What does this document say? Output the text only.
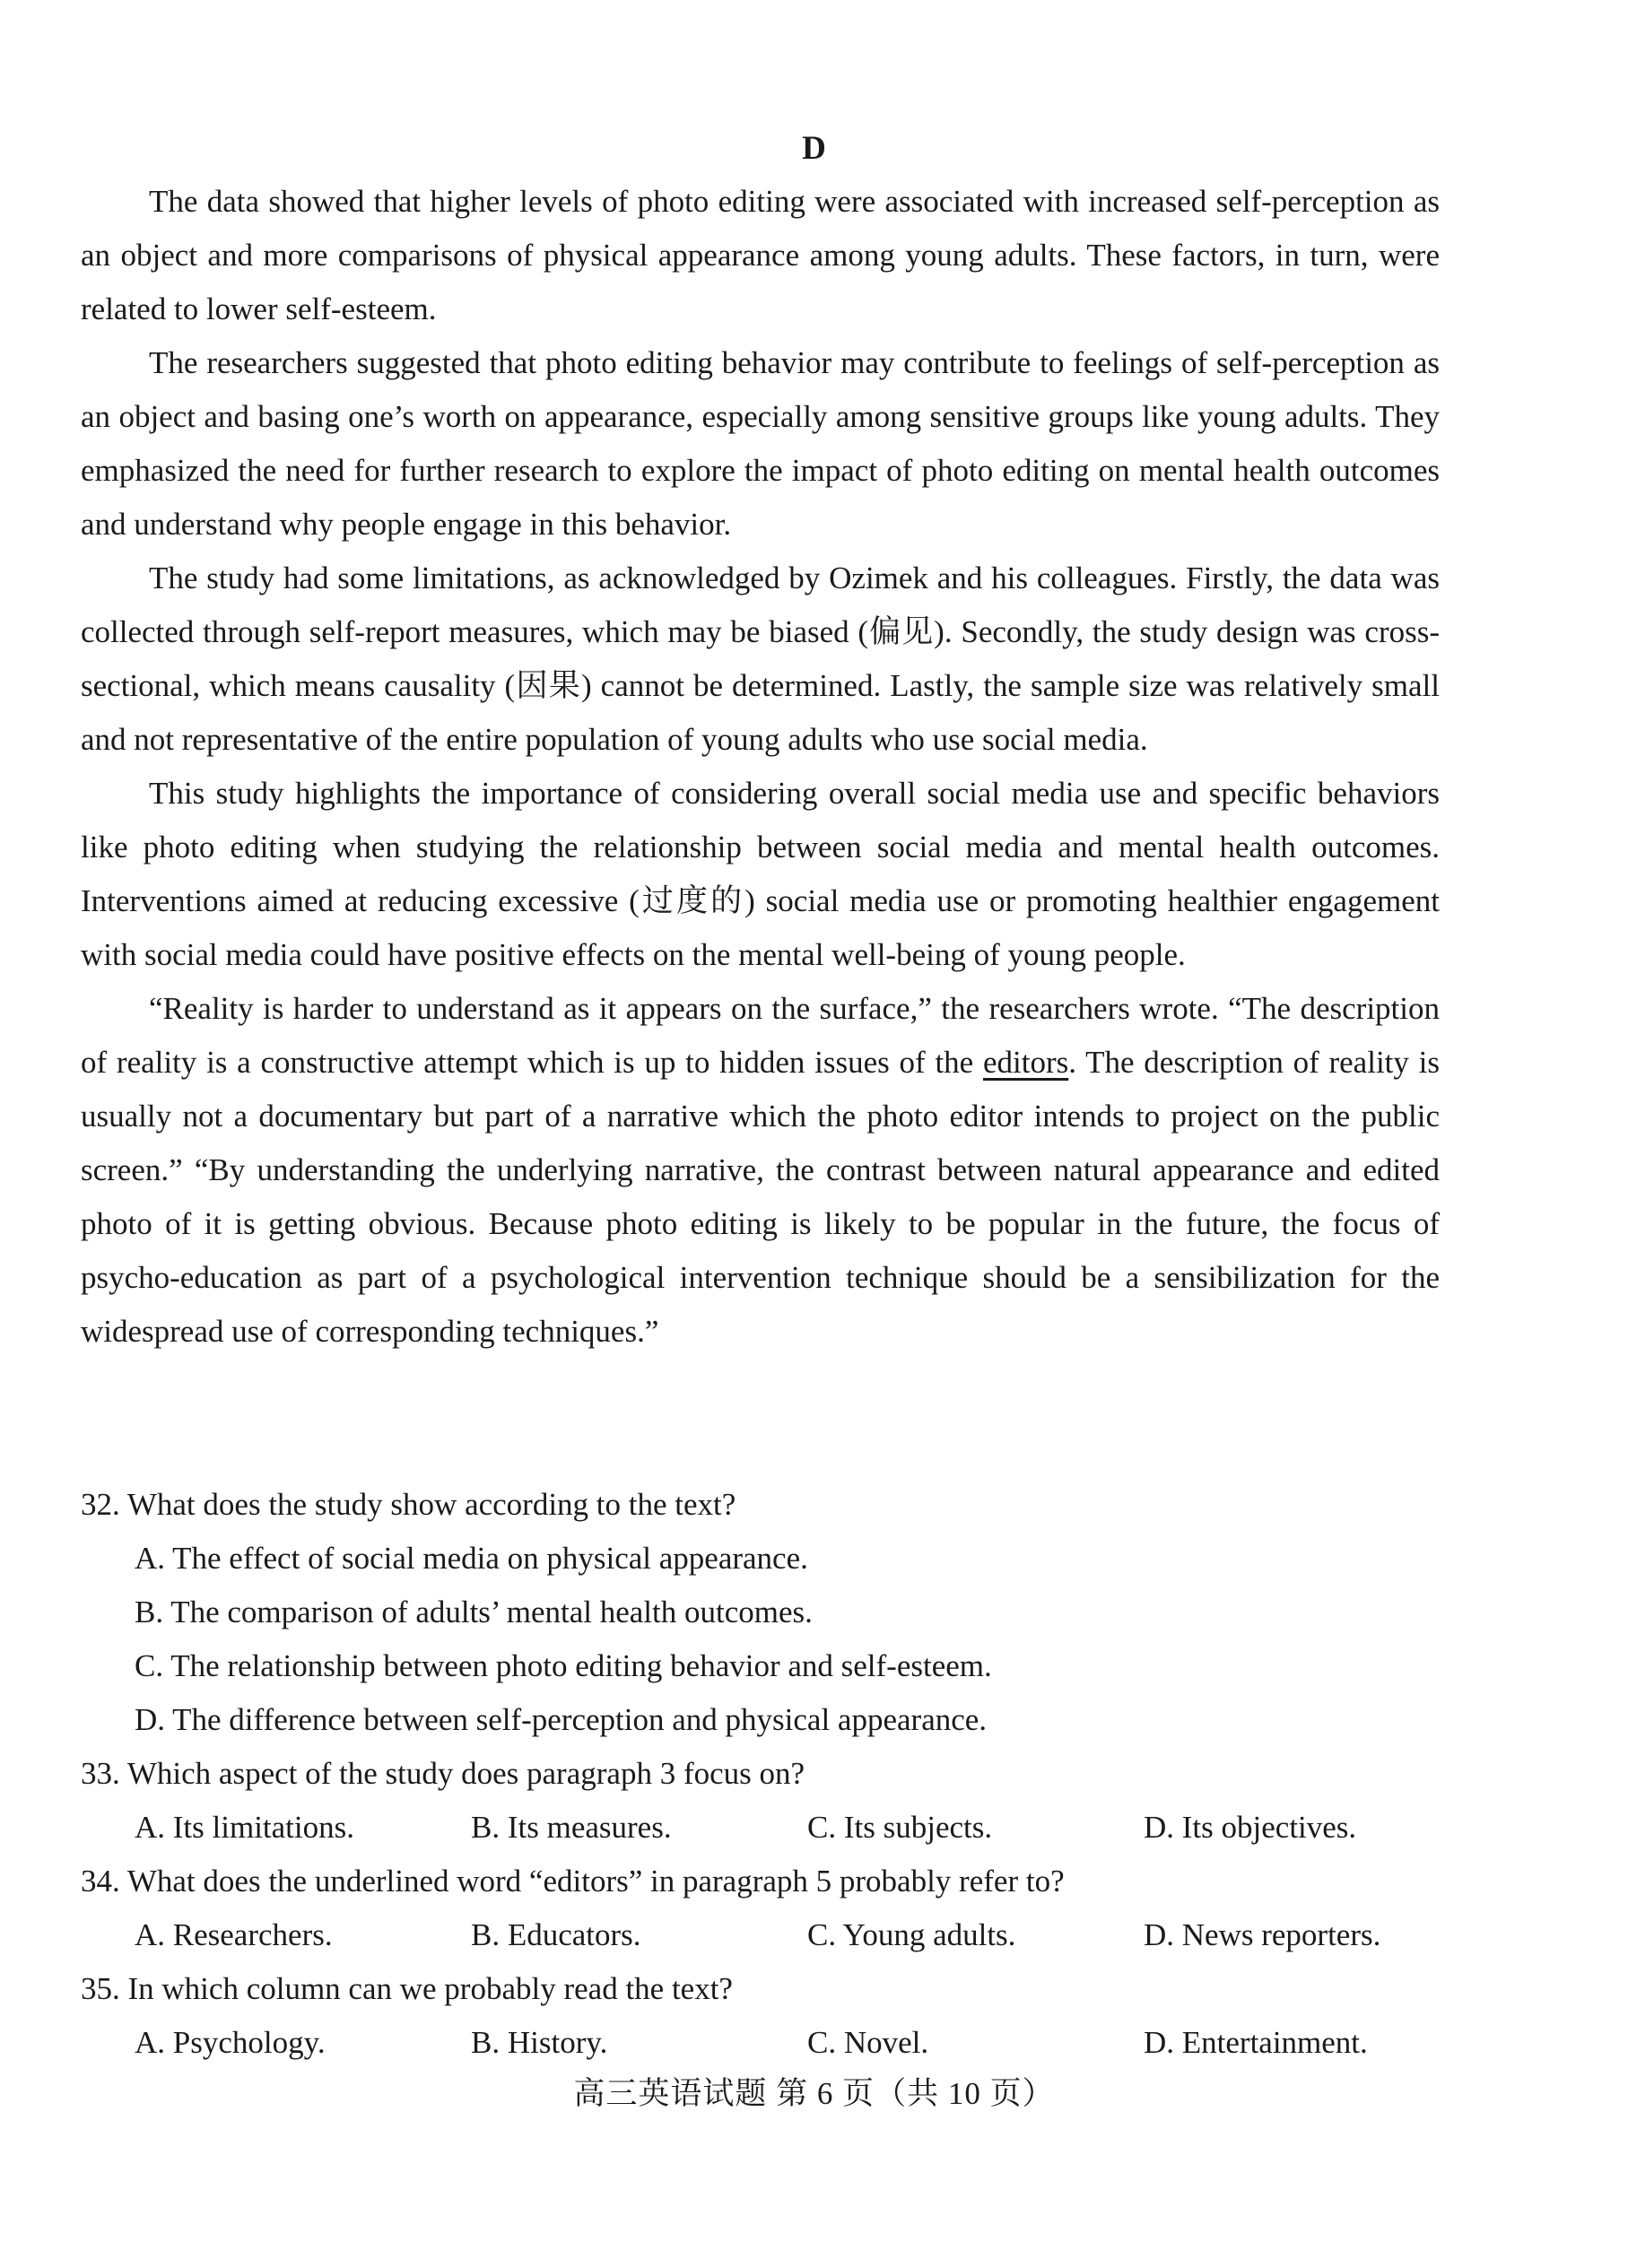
D

The data showed that higher levels of photo editing were associated with increased self-perception as an object and more comparisons of physical appearance among young adults. These factors, in turn, were related to lower self-esteem.

The researchers suggested that photo editing behavior may contribute to feelings of self-perception as an object and basing one’s worth on appearance, especially among sensitive groups like young adults. They emphasized the need for further research to explore the impact of photo editing on mental health outcomes and understand why people engage in this behavior.

The study had some limitations, as acknowledged by Ozimek and his colleagues. Firstly, the data was collected through self-report measures, which may be biased (偏见). Secondly, the study design was cross-sectional, which means causality (因果) cannot be determined. Lastly, the sample size was relatively small and not representative of the entire population of young adults who use social media.

This study highlights the importance of considering overall social media use and specific behaviors like photo editing when studying the relationship between social media and mental health outcomes. Interventions aimed at reducing excessive (过度的) social media use or promoting healthier engagement with social media could have positive effects on the mental well-being of young people.

“Reality is harder to understand as it appears on the surface,” the researchers wrote. “The description of reality is a constructive attempt which is up to hidden issues of the editors. The description of reality is usually not a documentary but part of a narrative which the photo editor intends to project on the public screen.” “By understanding the underlying narrative, the contrast between natural appearance and edited photo of it is getting obvious. Because photo editing is likely to be popular in the future, the focus of psycho-education as part of a psychological intervention technique should be a sensibilization for the widespread use of corresponding techniques.”

32. What does the study show according to the text?
A. The effect of social media on physical appearance.
B. The comparison of adults’ mental health outcomes.
C. The relationship between photo editing behavior and self-esteem.
D. The difference between self-perception and physical appearance.
33. Which aspect of the study does paragraph 3 focus on?
A. Its limitations.	B. Its measures.	C. Its subjects.	D. Its objectives.
34. What does the underlined word “editors” in paragraph 5 probably refer to?
A. Researchers.	B. Educators.	C. Young adults.	D. News reporters.
35. In which column can we probably read the text?
A. Psychology.	B. History.	C. Novel.	D. Entertainment.
高三英语试题 第 6 页（共 10 页）
